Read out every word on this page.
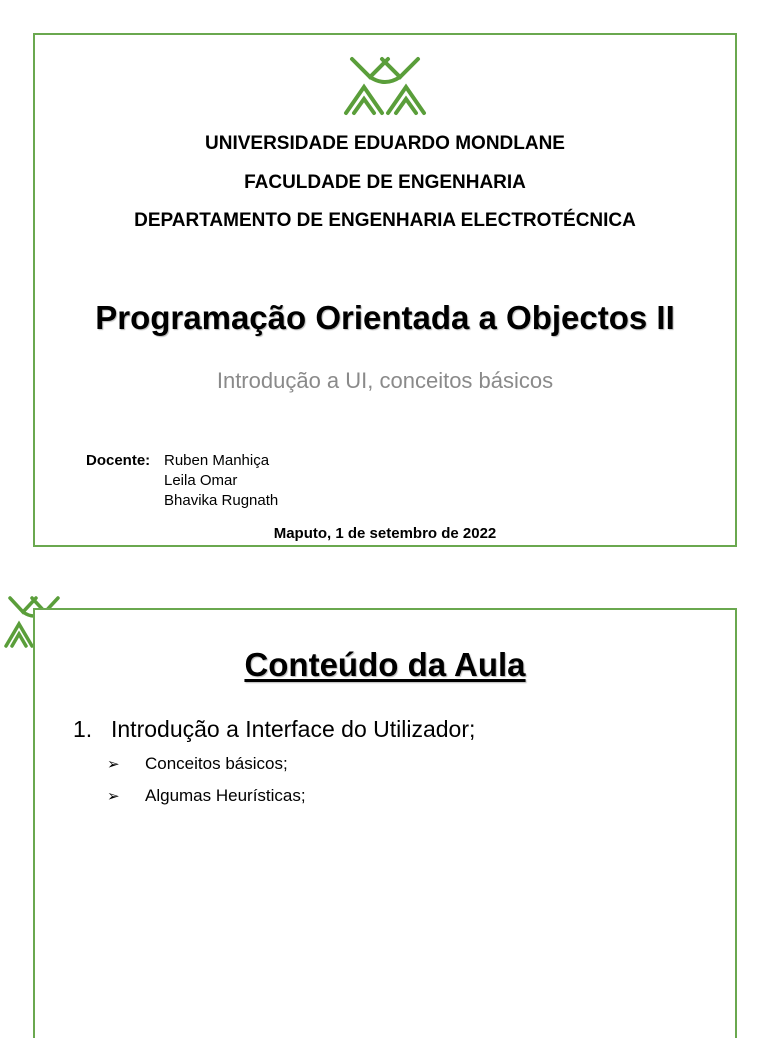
UNIVERSIDADE EDUARDO MONDLANE
FACULDADE DE ENGENHARIA
DEPARTAMENTO DE ENGENHARIA ELECTROTÉCNICA
Programação Orientada a Objectos II
Introdução a UI, conceitos básicos
Docente: Ruben Manhiça
Leila Omar
Bhavika Rugnath
Maputo, 1 de setembro de 2022
Conteúdo da Aula
1. Introdução a Interface do Utilizador;
➢ Conceitos básicos;
➢ Algumas Heurísticas;
